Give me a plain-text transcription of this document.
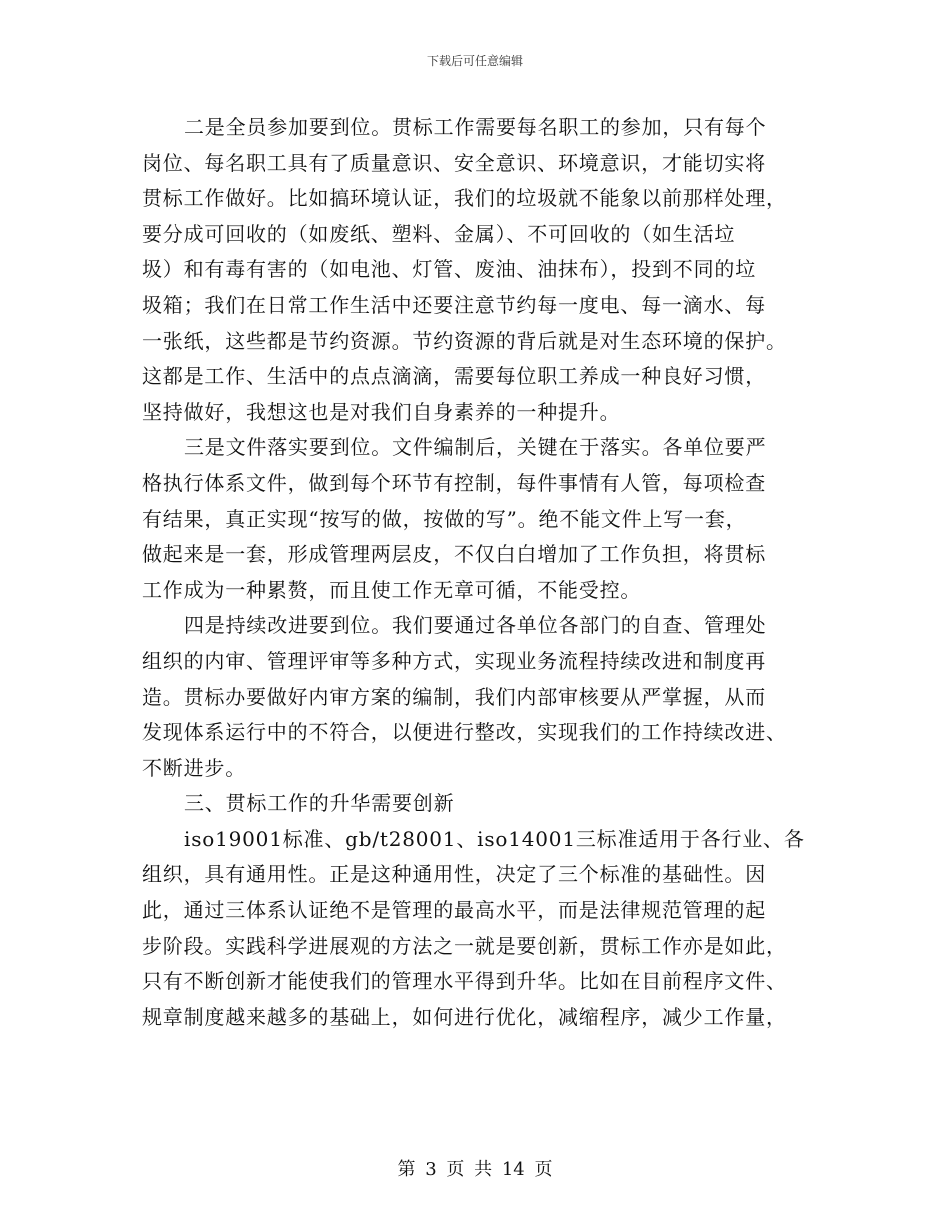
下载后可任意编辑
二是全员参加要到位。贯标工作需要每名职工的参加，只有每个
岗位、每名职工具有了质量意识、安全意识、环境意识，才能切实将
贯标工作做好。比如搞环境认证，我们的垃圾就不能象以前那样处理，
要分成可回收的（如废纸、塑料、金属）、不可回收的（如生活垃
圾）和有毒有害的（如电池、灯管、废油、油抹布），投到不同的垃
圾箱；我们在日常工作生活中还要注意节约每一度电、每一滴水、每
一张纸，这些都是节约资源。节约资源的背后就是对生态环境的保护。
这都是工作、生活中的点点滴滴，需要每位职工养成一种良好习惯，
坚持做好，我想这也是对我们自身素养的一种提升。
三是文件落实要到位。文件编制后，关键在于落实。各单位要严
格执行体系文件，做到每个环节有控制，每件事情有人管，每项检查
有结果，真正实现“按写的做，按做的写”。绝不能文件上写一套，
做起来是一套，形成管理两层皮，不仅白白增加了工作负担，将贯标
工作成为一种累赘，而且使工作无章可循，不能受控。
四是持续改进要到位。我们要通过各单位各部门的自查、管理处
组织的内审、管理评审等多种方式，实现业务流程持续改进和制度再
造。贯标办要做好内审方案的编制，我们内部审核要从严掌握，从而
发现体系运行中的不符合，以便进行整改，实现我们的工作持续改进、
不断进步。
三、贯标工作的升华需要创新
iso19001标准、gb/t28001、iso14001三标准适用于各行业、各
组织，具有通用性。正是这种通用性，决定了三个标准的基础性。因
此，通过三体系认证绝不是管理的最高水平，而是法律规范管理的起
步阶段。实践科学进展观的方法之一就是要创新，贯标工作亦是如此，
只有不断创新才能使我们的管理水平得到升华。比如在目前程序文件、
规章制度越来越多的基础上，如何进行优化，减缩程序，减少工作量，
第 3 页 共 14 页
